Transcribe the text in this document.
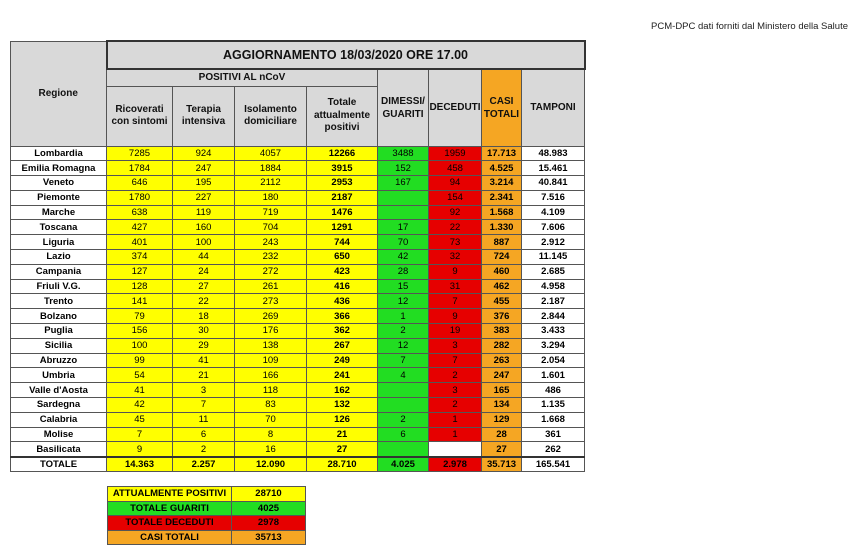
PCM-DPC dati forniti dal Ministero della Salute
Regione	AGGIORNAMENTO 18/03/2020 ORE 17.00							
	POSITIVI AL nCoV				DIMESSI/ GUARITI	DECEDUTI	CASI TOTALI	TAMPONI
	Ricoverati con sintomi	Terapia intensiva	Isolamento domiciliare	Totale attualmente positivi				
Lombardia	7285	924	4057	12266	3488	1959	17.713	48.983
Emilia Romagna	1784	247	1884	3915	152	458	4.525	15.461
Veneto	646	195	2112	2953	167	94	3.214	40.841
Piemonte	1780	227	180	2187		154	2.341	7.516
Marche	638	119	719	1476		92	1.568	4.109
Toscana	427	160	704	1291	17	22	1.330	7.606
Liguria	401	100	243	744	70	73	887	2.912
Lazio	374	44	232	650	42	32	724	11.145
Campania	127	24	272	423	28	9	460	2.685
Friuli V.G.	128	27	261	416	15	31	462	4.958
Trento	141	22	273	436	12	7	455	2.187
Bolzano	79	18	269	366	1	9	376	2.844
Puglia	156	30	176	362	2	19	383	3.433
Sicilia	100	29	138	267	12	3	282	3.294
Abruzzo	99	41	109	249	7	7	263	2.054
Umbria	54	21	166	241	4	2	247	1.601
Valle d'Aosta	41	3	118	162		3	165	486
Sardegna	42	7	83	132		2	134	1.135
Calabria	45	11	70	126	2	1	129	1.668
Molise	7	6	8	21	6	1	28	361
Basilicata	9	2	16	27			27	262
TOTALE	14.363	2.257	12.090	28.710	4.025	2.978	35.713	165.541
ATTUALMENTE POSITIVI	28710
TOTALE GUARITI	4025
TOTALE DECEDUTI	2978
CASI TOTALI	35713
